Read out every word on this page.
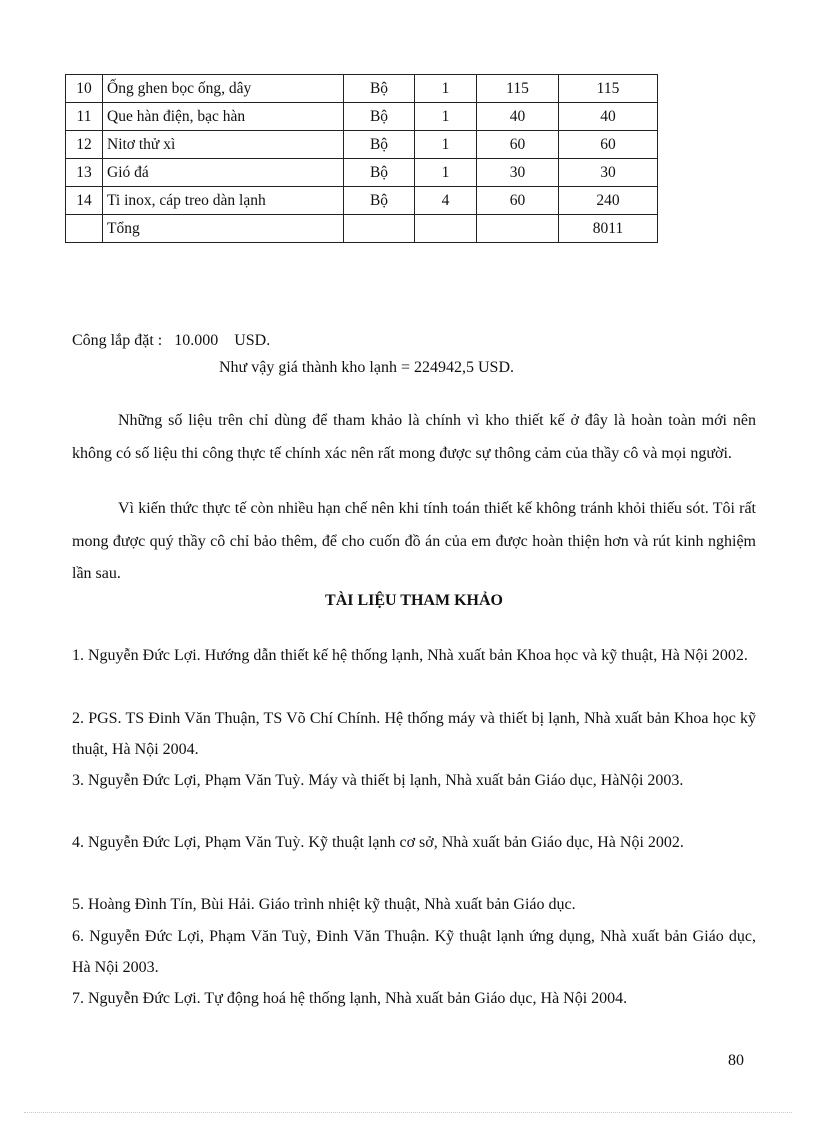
10	Ống ghen bọc ống, dây	Bộ	1	115	115
11	Que hàn điện, bạc hàn	Bộ	1	40	40
12	Nitơ thử xì	Bộ	1	60	60
13	Gió đá	Bộ	1	30	30
14	Ti inox, cáp treo dàn lạnh	Bộ	4	60	240
	Tổng				8011

Công lắp đặt :   10.000    USD.

Như vậy giá thành kho lạnh = 224942,5 USD.

Những số liệu trên chỉ dùng để tham khảo là chính vì kho thiết kế ở đây là hoàn toàn mới nên không có số liệu thi công thực tế chính xác nên rất mong được sự thông cảm của thầy cô và mọi người.

Vì kiến thức thực tế còn nhiều hạn chế nên khi tính toán thiết kế không tránh khỏi thiếu sót. Tôi rất mong được quý thầy cô chỉ bảo thêm, để cho cuốn đồ án của em được hoàn thiện hơn và rút kinh nghiệm lần sau.

TÀI LIỆU THAM KHẢO

1. Nguyễn Đức Lợi. Hướng dẫn thiết kế hệ thống lạnh, Nhà xuất bản Khoa học và kỹ thuật, Hà Nội 2002.

2. PGS. TS Đinh Văn Thuận, TS Võ Chí Chính. Hệ thống máy và thiết bị lạnh, Nhà xuất bản Khoa học kỹ thuật, Hà Nội 2004.

3. Nguyễn Đức Lợi, Phạm Văn Tuỳ. Máy và thiết bị lạnh, Nhà xuất bản Giáo dục, HàNội 2003.

4. Nguyễn Đức Lợi, Phạm Văn Tuỳ. Kỹ thuật lạnh cơ sở, Nhà xuất bản Giáo dục, Hà Nội 2002.

5. Hoàng Đình Tín, Bùi Hải. Giáo trình nhiệt kỹ thuật, Nhà xuất bản Giáo dục.

6. Nguyễn Đức Lợi, Phạm Văn Tuỳ, Đinh Văn Thuận. Kỹ thuật lạnh ứng dụng, Nhà xuất bản Giáo dục, Hà Nội 2003.

7. Nguyễn Đức Lợi. Tự động hoá hệ thống lạnh, Nhà xuất bản Giáo dục, Hà Nội 2004.

80
